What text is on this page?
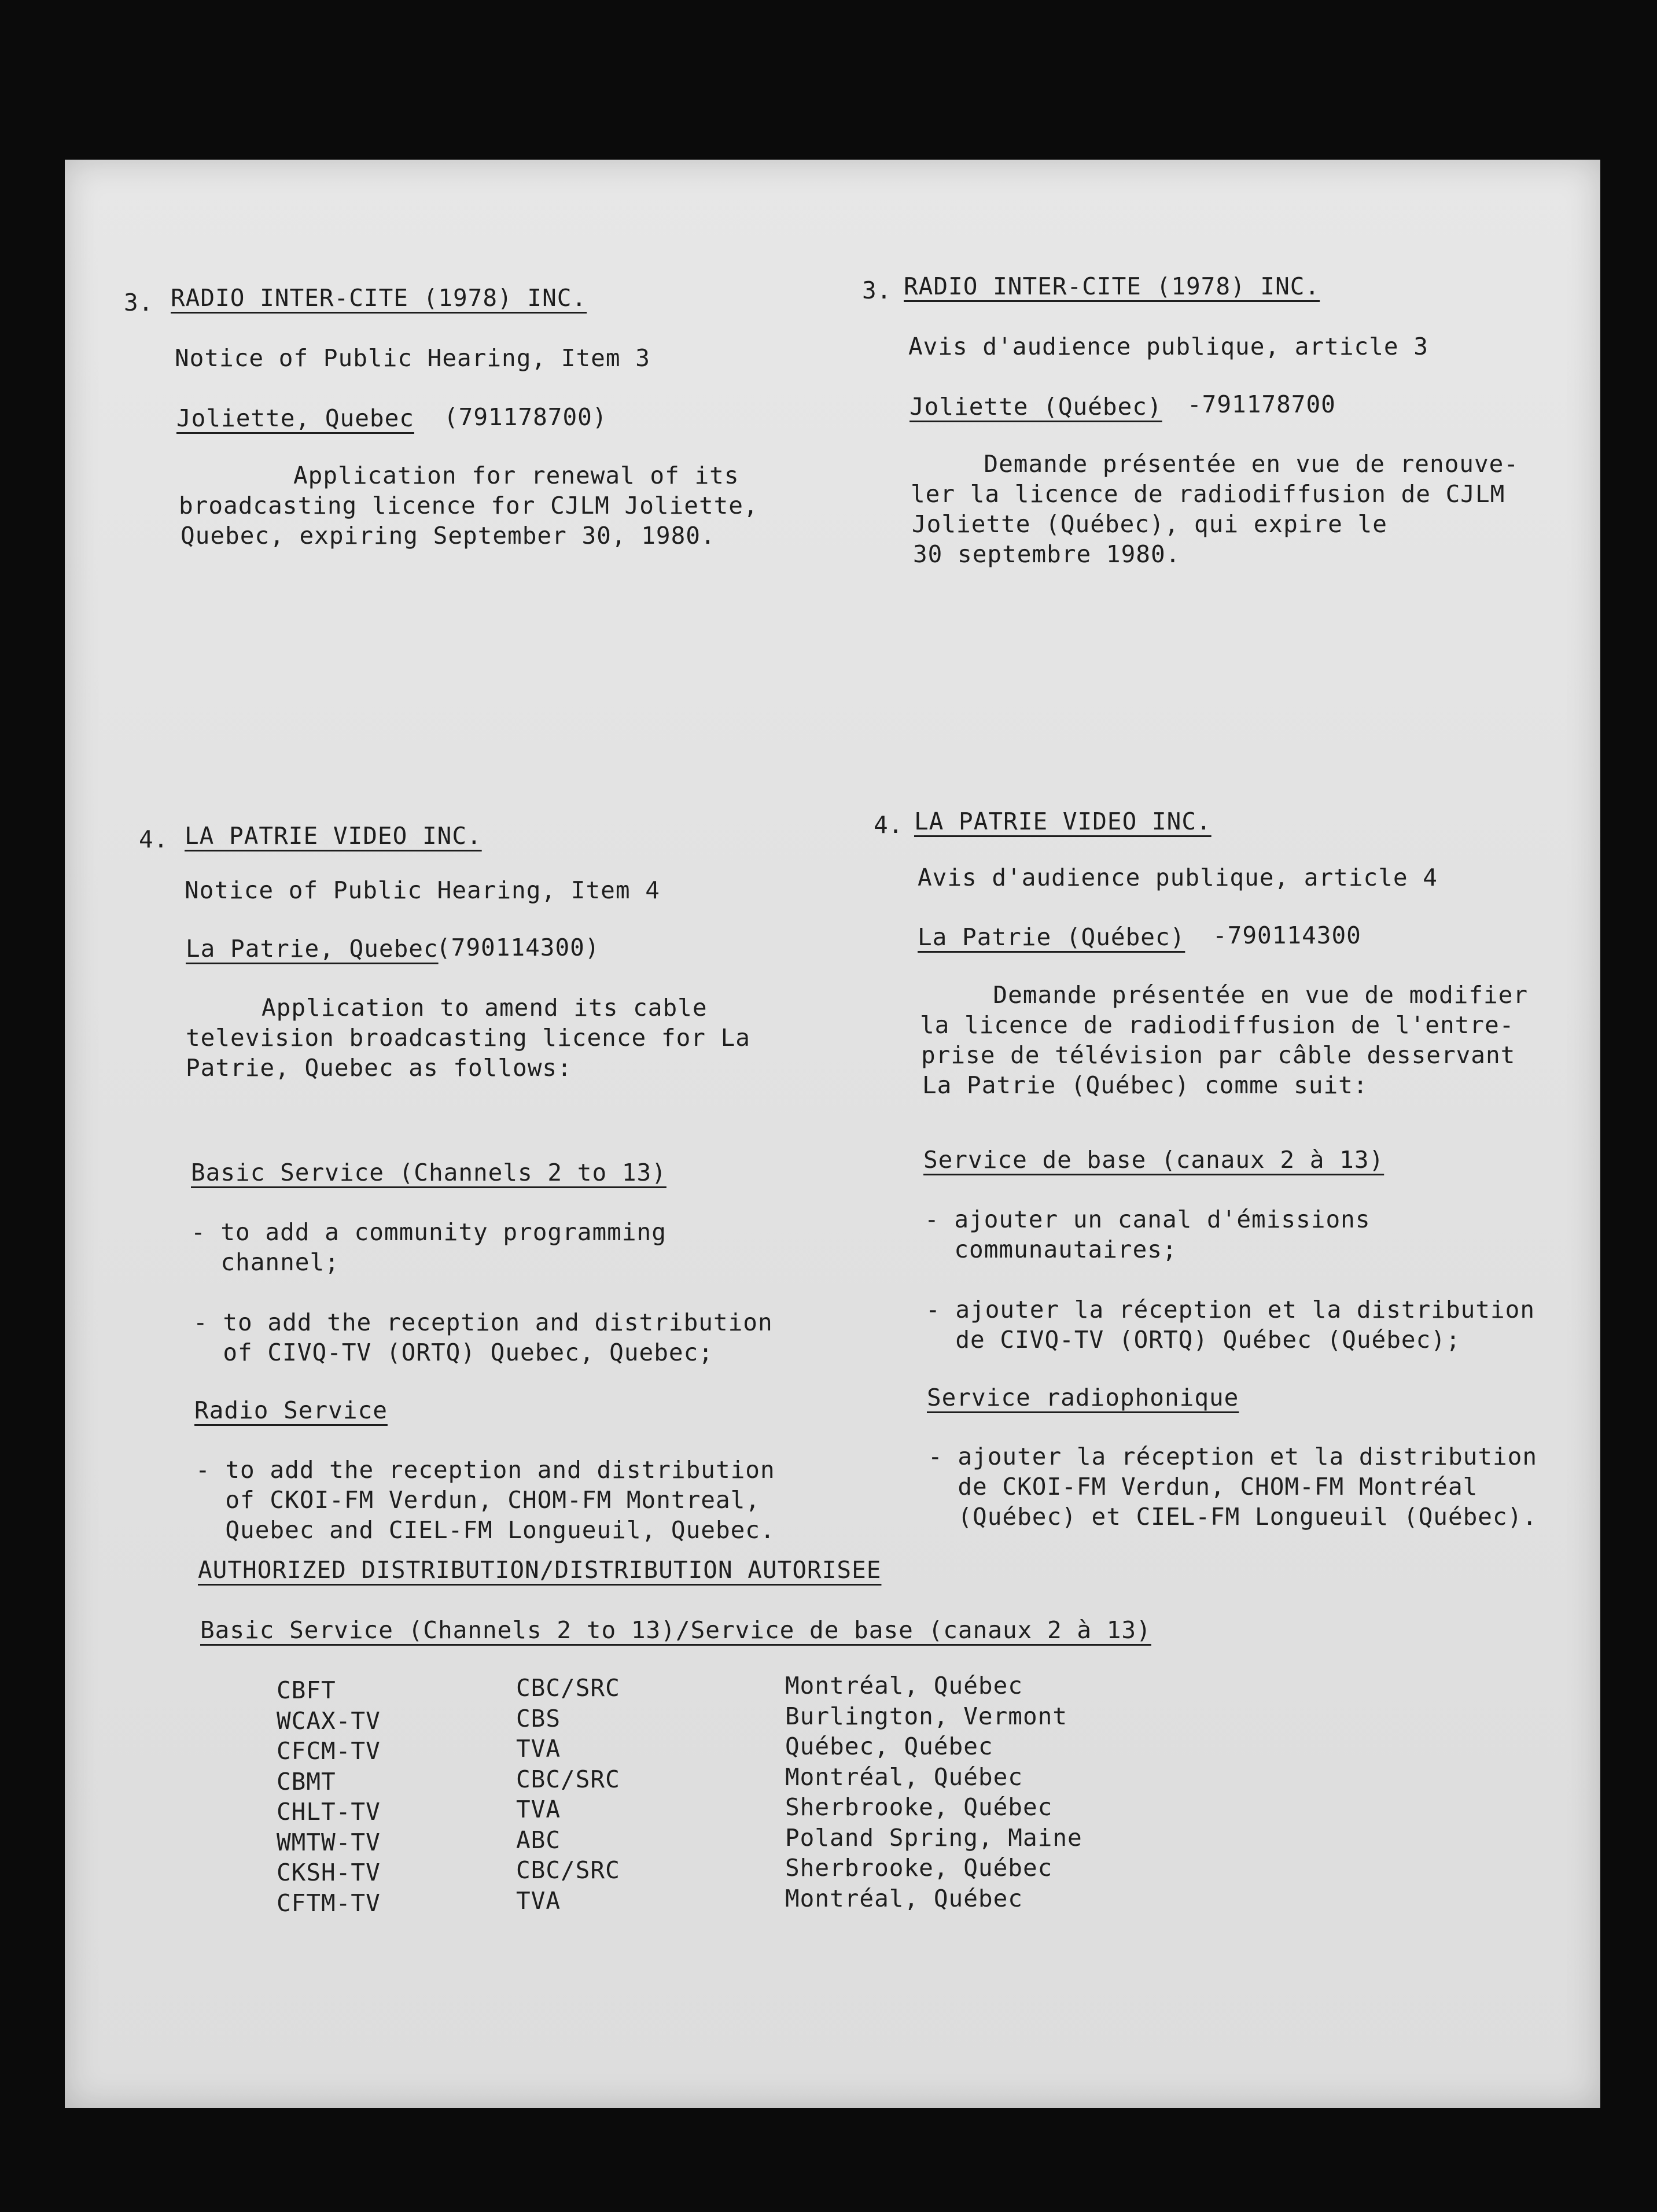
3. RADIO INTER-CITE (1978) INC.
Notice of Public Hearing, Item 3
Joliette, Quebec (791178700)
Application for renewal of its
broadcasting licence for CJLM Joliette,
Quebec, expiring September 30, 1980.
4. LA PATRIE VIDEO INC.
Notice of Public Hearing, Item 4
La Patrie, Quebec
(790114300)
Application to amend its cable
television broadcasting licence for La
Patrie, Quebec as follows:
Basic Service (Channels 2 to 13)
- to add a community programming
channel;
- to add the reception and distribution
of CIVQ-TV (ORTQ) Quebec, Quebec;
Radio Service
- to add the reception and distribution
of CKOI-FM Verdun, CHOM-FM Montreal,
Quebec and CIEL-FM Longueuil, Quebec.
3. RADIO INTER-CITE (1978) INC.
Avis d'audience publique, article 3
Joliette (Québec) -791178700
Demande présentée en vue de renouve-
ler la licence de radiodiffusion de CJLM
Joliette (Québec), qui expire le
30 septembre 1980.
4. LA PATRIE VIDEO INC.
Avis d'audience publique, article 4
La Patrie (Québec) -790114300
Demande présentée en vue de modifier
la licence de radiodiffusion de l'entre-
prise de télévision par câble desservant
La Patrie (Québec) comme suit:
Service de base (canaux 2 à 13)
- ajouter un canal d'émissions
communautaires;
- ajouter la réception et la distribution
de CIVQ-TV (ORTQ) Québec (Québec);
Service radiophonique
- ajouter la réception et la distribution
de CKOI-FM Verdun, CHOM-FM Montréal
(Québec) et CIEL-FM Longueuil (Québec).
AUTHORIZED DISTRIBUTION/DISTRIBUTION AUTORISEE
Basic Service (Channels 2 to 13)/Service de base (canaux 2 à 13)
CBFT	CBC/SRC	Montréal, Québec
WCAX-TV	CBS	Burlington, Vermont
CFCM-TV	TVA	Québec, Québec
CBMT	CBC/SRC	Montréal, Québec
CHLT-TV	TVA	Sherbrooke, Québec
WMTW-TV	ABC	Poland Spring, Maine
CKSH-TV	CBC/SRC	Sherbrooke, Québec
CFTM-TV	TVA	Montréal, Québec
